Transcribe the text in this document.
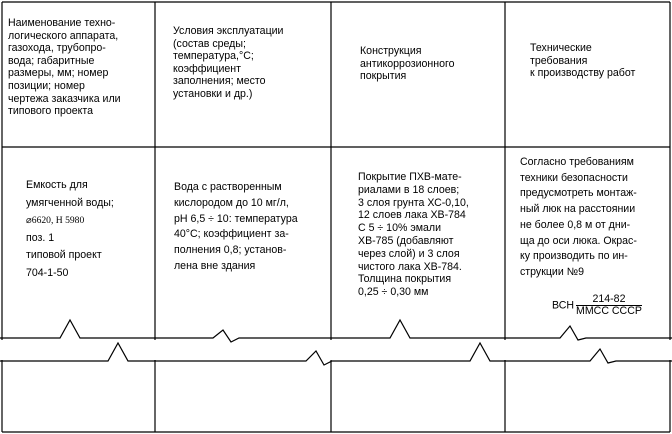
Наименование техно-
логического аппарата,
газохода, трубопро-
вода; габаритные
размеры, мм; номер
позиции; номер
чертежа заказчика или
типового проекта
Условия эксплуатации
(состав среды;
температура,°С;
коэффициент
заполнения; место
установки и др.)
Конструкция
антикоррозионного
покрытия
Техническиe
требования
к производству работ
Емкость для
умягченной воды;
⌀6620, Н 5980
поз. 1
типовой проект
704-1-50
Вода с растворенным
кислородом до 10 мг/л,
рН 6,5 ÷ 10: температура
40°С; коэффициент за-
полнения 0,8; установ-
лена вне здания
Покрытие ПХВ-мате-
риалами в 18 слоев;
3 слоя грунта ХС-0,10,
12 слоев лака ХВ-784
С 5 ÷ 10% эмали
ХВ-785 (добавляют
через слой) и 3 слоя
чистого лака ХВ-784.
Толщина покрытия
0,25 ÷ 0,30 мм
Согласно требованиям
техники безопасности
предусмотреть монтаж-
ный люк на расстоянии
не более 0,8 м от дни-
ща до оси люка. Окрас-
ку производить по ин-
струкции №9
ВСН $\frac{214-82}{\text{ММСС СССР}}$
